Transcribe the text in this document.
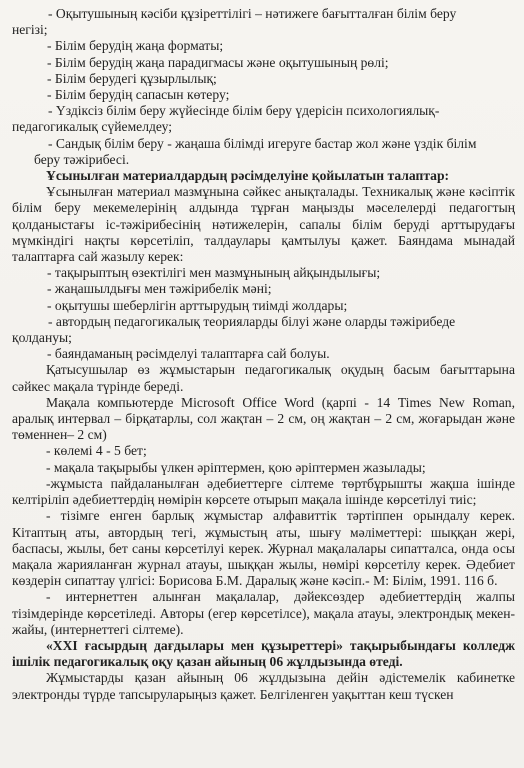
- Оқытушының кәсіби құзіреттілігі – нәтижеге бағытталған білім беру
негізі;

- Білім берудің жаңа форматы;

- Білім берудің жаңа парадигмасы және оқытушының рөлі;

- Білім берудегі құзырлылық;

- Білім берудің сапасын көтеру;

- Үздіксіз білім беру жүйесінде білім беру үдерісін психологиялық-
педагогикалық сүйемелдеу;

- Сандық білім беру - жаңаша білімді игеруге бастар жол және үздік білім
беру тәжірибесі.

Ұсынылған материалдардың рәсімделуіне қойылатын талаптар:

Ұсынылған материал мазмұнына сәйкес анықталады. Техникалық және кәсіптік білім беру мекемелерінің алдында тұрған маңызды мәселелерді педагогтың қолданыстағы іс-тәжірибесінің нәтижелерін, сапалы білім беруді арттырудағы мүмкіндігі нақты көрсетіліп, талдаулары қамтылуы қажет. Баяндама мынадай талаптарға сай жазылу керек:

- тақырыптың өзектілігі мен мазмұнының айқындылығы;

- жаңашылдығы мен тәжірибелік мәні;

- оқытушы шеберлігін арттырудың тиімді жолдары;

- автордың педагогикалық теорияларды білуі және оларды тәжірибеде
қолдануы;

- баяндаманың рәсімделуі талаптарға сай болуы.

Қатысушылар өз жұмыстарын педагогикалық оқудың басым бағыттарына сәйкес мақала түрінде береді.

Мақала компьютерде Microsoft Office Word (қарпі - 14 Times New Roman, аралық интервал – бірқатарлы, сол жақтан – 2 см, оң жақтан – 2 см, жоғарыдан және төменнен– 2 см)

- көлемі 4 - 5 бет;

- мақала тақырыбы үлкен әріптермен, қою әріптермен жазылады;

-жұмыста пайдаланылған әдебиеттерге сілтеме төртбұрышты жақша ішінде келтіріліп әдебиеттердің нөмірін көрсете отырып мақала ішінде көрсетілуі тиіс;

- тізімге енген барлық жұмыстар алфавиттік тәртіппен орындалу керек. Кітаптың аты, автордың тегі, жұмыстың аты, шығу мәліметтері: шыққан жері, баспасы, жылы, бет саны көрсетілуі керек. Журнал мақалалары сипатталса, онда осы мақала жарияланған журнал атауы, шыққан жылы, нөмірі көрсетілу керек. Әдебиет көздерін сипаттау үлгісі: Борисова Б.М. Даралық және кәсіп.- М: Білім, 1991. 116 б.

- интернеттен алынған мақалалар, дәйексөздер әдебиеттердің жалпы тізімдерінде көрсетіледі. Авторы (егер көрсетілсе), мақала атауы, электрондық мекен- жайы, (интернеттегі сілтеме).

«XXI ғасырдың дағдылары мен құзыреттері» тақырыбындағы колледж ішілік педагогикалық оқу қазан айының 06 жұлдызында өтеді.

Жұмыстарды қазан айының 06 жұлдызына дейін әдістемелік кабинетке электронды түрде тапсыруларыңыз қажет. Белгіленген уақыттан кеш түскен
